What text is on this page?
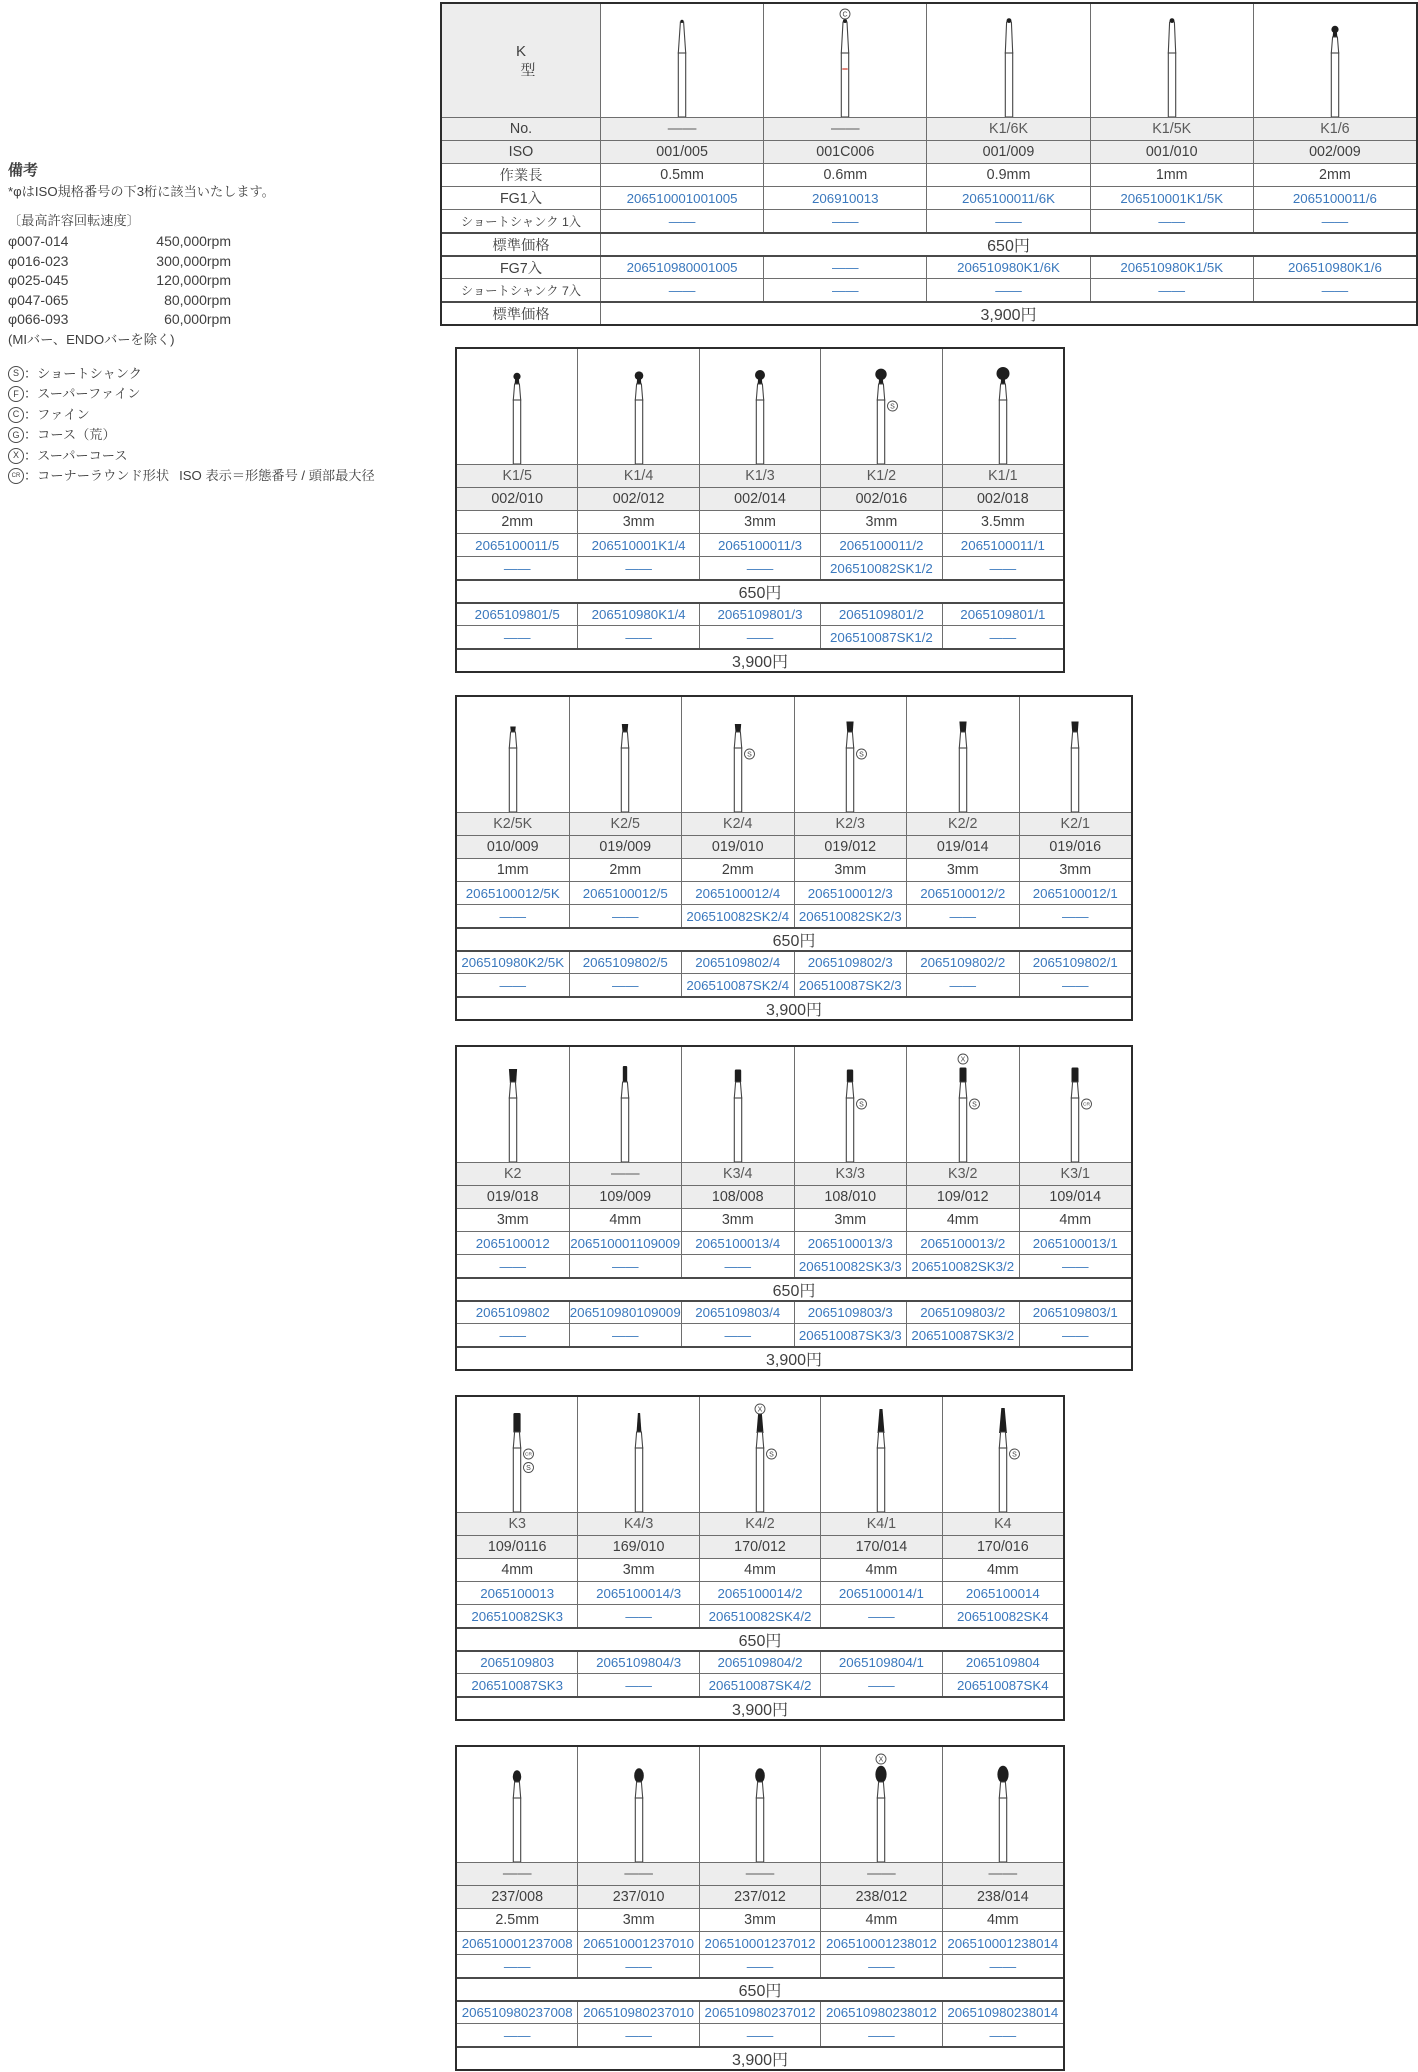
備考
*φはISO規格番号の下3桁に該当いたします。
〔最高許容回転速度〕
φ007-014	450,000rpm
φ016-023	300,000rpm
φ025-045	120,000rpm
φ047-065	80,000rpm
φ066-093	60,000rpm
(MIバー、ENDOバーを除く)
S ：ショートシャンク
F ：スーパーファイン
C ：ファイン
G ：コース（荒）
X ：スーパーコース
CR ：コーナーラウンド形状 ISO 表示＝形態番号 / 頭部最大径
K
型
C
No.	——	——	K1/6K	K1/5K	K1/6
ISO	001/005	001C006	001/009	001/010	002/009
作業長	0.5mm	0.6mm	0.9mm	1mm	2mm
FG1入	206510001001005	206910013	2065100011/6K	206510001K1/5K	2065100011/6
ショートシャンク 1入	——	——	——	——	——
標準価格	650円
FG7入	206510980001005	——	206510980K1/6K	206510980K1/5K	206510980K1/6
ショートシャンク 7入	——	——	——	——	——
標準価格	3,900円
S
K1/5	K1/4	K1/3	K1/2	K1/1
002/010	002/012	002/014	002/016	002/018
2mm	3mm	3mm	3mm	3.5mm
2065100011/5	206510001K1/4	2065100011/3	2065100011/2	2065100011/1
——	——	——	206510082SK1/2	——
650円
2065109801/5	206510980K1/4	2065109801/3	2065109801/2	2065109801/1
——	——	——	206510087SK1/2	——
3,900円
S	S
K2/5K	K2/5	K2/4	K2/3	K2/2	K2/1
010/009	019/009	019/010	019/012	019/014	019/016
1mm	2mm	2mm	3mm	3mm	3mm
2065100012/5K	2065100012/5	2065100012/4	2065100012/3	2065100012/2	2065100012/1
——	——	206510082SK2/4 206510082SK2/3	——	——
650円
206510980K2/5K	2065109802/5	2065109802/4	2065109802/3	2065109802/2	2065109802/1
——	——	206510087SK2/4 206510087SK2/3	——	——
3,900円
S
X
S	CR
K2	——	K3/4	K3/3	K3/2	K3/1
019/018	109/009	108/008	108/010	109/012	109/014
3mm	4mm	3mm	3mm	4mm	4mm
2065100012	206510001109009	2065100013/4	2065100013/3	2065100013/2	2065100013/1
——	——	——	206510082SK3/3 206510082SK3/2	——
650円
2065109802	206510980109009	2065109803/4	2065109803/3	2065109803/2	2065109803/1
——	——	——	206510087SK3/3 206510087SK3/2	——
3,900円
CR
S
X
S	S
K3	K4/3	K4/2	K4/1	K4
109/0116	169/010	170/012	170/014	170/016
4mm	3mm	4mm	4mm	4mm
2065100013	2065100014/3	2065100014/2	2065100014/1	2065100014
206510082SK3	——	206510082SK4/2	——	206510082SK4
650円
2065109803	2065109804/3	2065109804/2	2065109804/1	2065109804
206510087SK3	——	206510087SK4/2	——	206510087SK4
3,900円
X
——	——	——	——	——
237/008	237/010	237/012	238/012	238/014
2.5mm	3mm	3mm	4mm	4mm
206510001237008 206510001237010 206510001237012 206510001238012 206510001238014
——	——	——	——	——
650円
206510980237008 206510980237010 206510980237012 206510980238012 206510980238014
——	——	——	——	——
3,900円
